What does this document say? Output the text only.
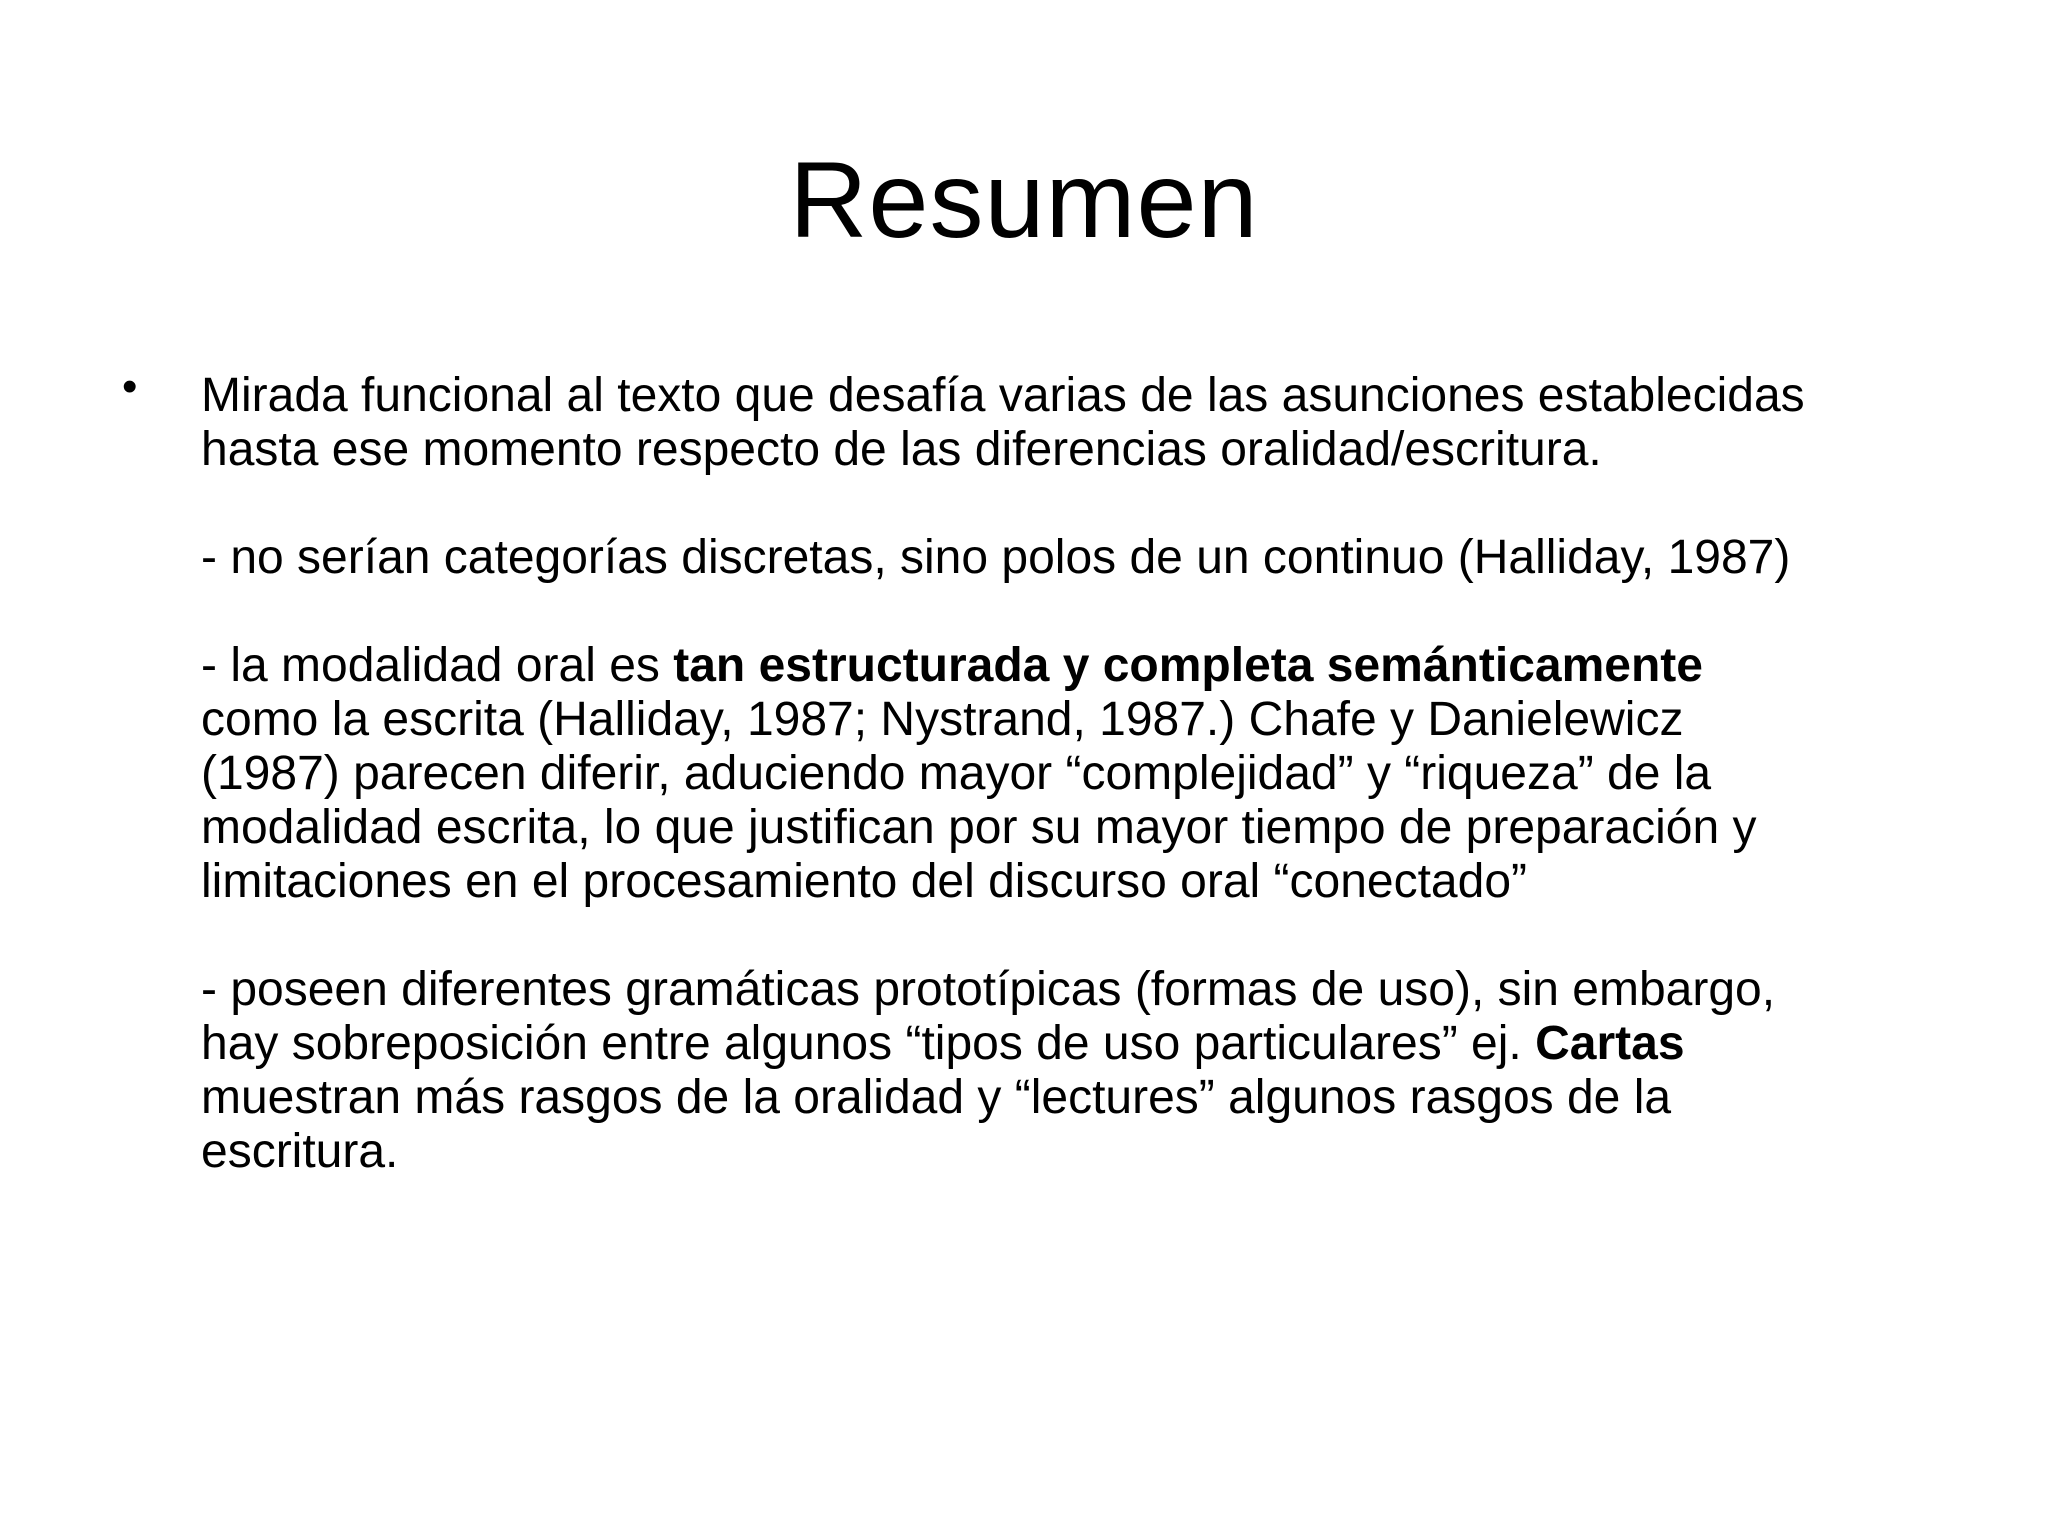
Resumen
• Mirada funcional al texto que desafía varias de las asunciones establecidas
hasta ese momento respecto de las diferencias oralidad/escritura.

- no serían categorías discretas, sino polos de un continuo (Halliday, 1987)

- la modalidad oral es tan estructurada y completa semánticamente
como la escrita (Halliday, 1987; Nystrand, 1987.) Chafe y Danielewicz
(1987) parecen diferir, aduciendo mayor “complejidad” y “riqueza” de la
modalidad escrita, lo que justifican por su mayor tiempo de preparación y
limitaciones en el procesamiento del discurso oral “conectado”

- poseen diferentes gramáticas prototípicas (formas de uso), sin embargo,
hay sobreposición entre algunos “tipos de uso particulares” ej. Cartas
muestran más rasgos de la oralidad y “lectures” algunos rasgos de la
escritura.
